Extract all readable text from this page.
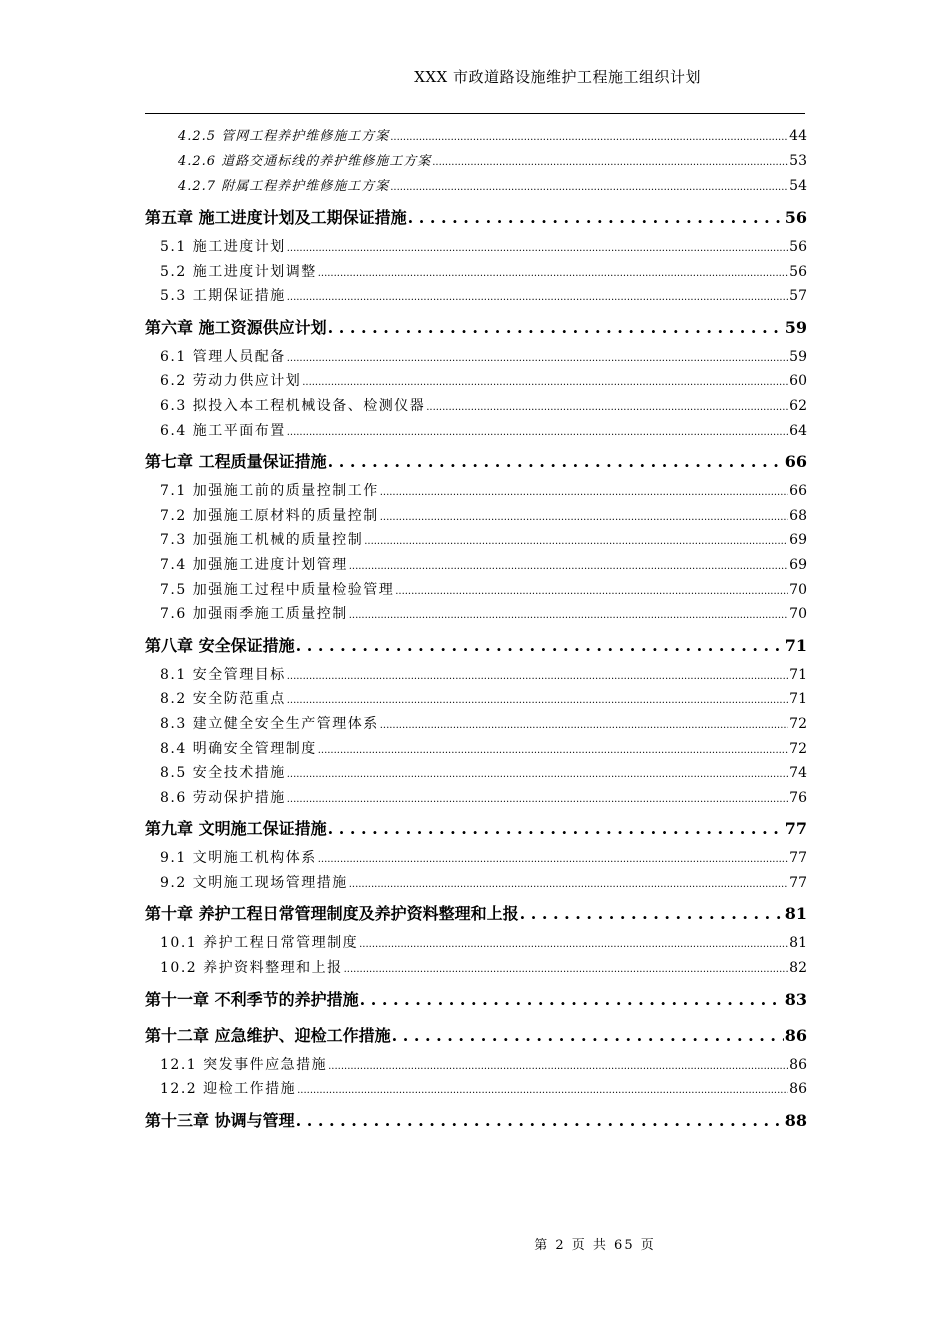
XXX 市政道路设施维护工程施工组织计划
4.2.5 管网工程养护维修施工方案 .....	44
4.2.6 道路交通标线的养护维修施工方案 .....	53
4.2.7 附属工程养护维修施工方案 .....	54
第五章 施工进度计划及工期保证措施 . . .	56
5.1 施工进度计划 .....	56
5.2 施工进度计划调整 .....	56
5.3 工期保证措施 .....	57
第六章 施工资源供应计划 . . .	59
6.1 管理人员配备 .....	59
6.2 劳动力供应计划 .....	60
6.3 拟投入本工程机械设备、检测仪器 .....	62
6.4 施工平面布置 .....	64
第七章 工程质量保证措施 . . .	66
7.1 加强施工前的质量控制工作 .....	66
7.2 加强施工原材料的质量控制 .....	68
7.3 加强施工机械的质量控制 .....	69
7.4 加强施工进度计划管理 .....	69
7.5 加强施工过程中质量检验管理 .....	70
7.6 加强雨季施工质量控制 .....	70
第八章 安全保证措施 . . .	71
8.1 安全管理目标 .....	71
8.2 安全防范重点 .....	71
8.3 建立健全安全生产管理体系 .....	72
8.4 明确安全管理制度 .....	72
8.5 安全技术措施 .....	74
8.6 劳动保护措施 .....	76
第九章 文明施工保证措施 . . .	77
9.1 文明施工机构体系 .....	77
9.2 文明施工现场管理措施 .....	77
第十章 养护工程日常管理制度及养护资料整理和上报 . . .	81
10.1 养护工程日常管理制度 .....	81
10.2 养护资料整理和上报 .....	82
第十一章 不利季节的养护措施 . . .	83
第十二章 应急维护、迎检工作措施 . . .	86
12.1 突发事件应急措施 .....	86
12.2 迎检工作措施 .....	86
第十三章 协调与管理 . . .	88
第 2 页 共 65 页
